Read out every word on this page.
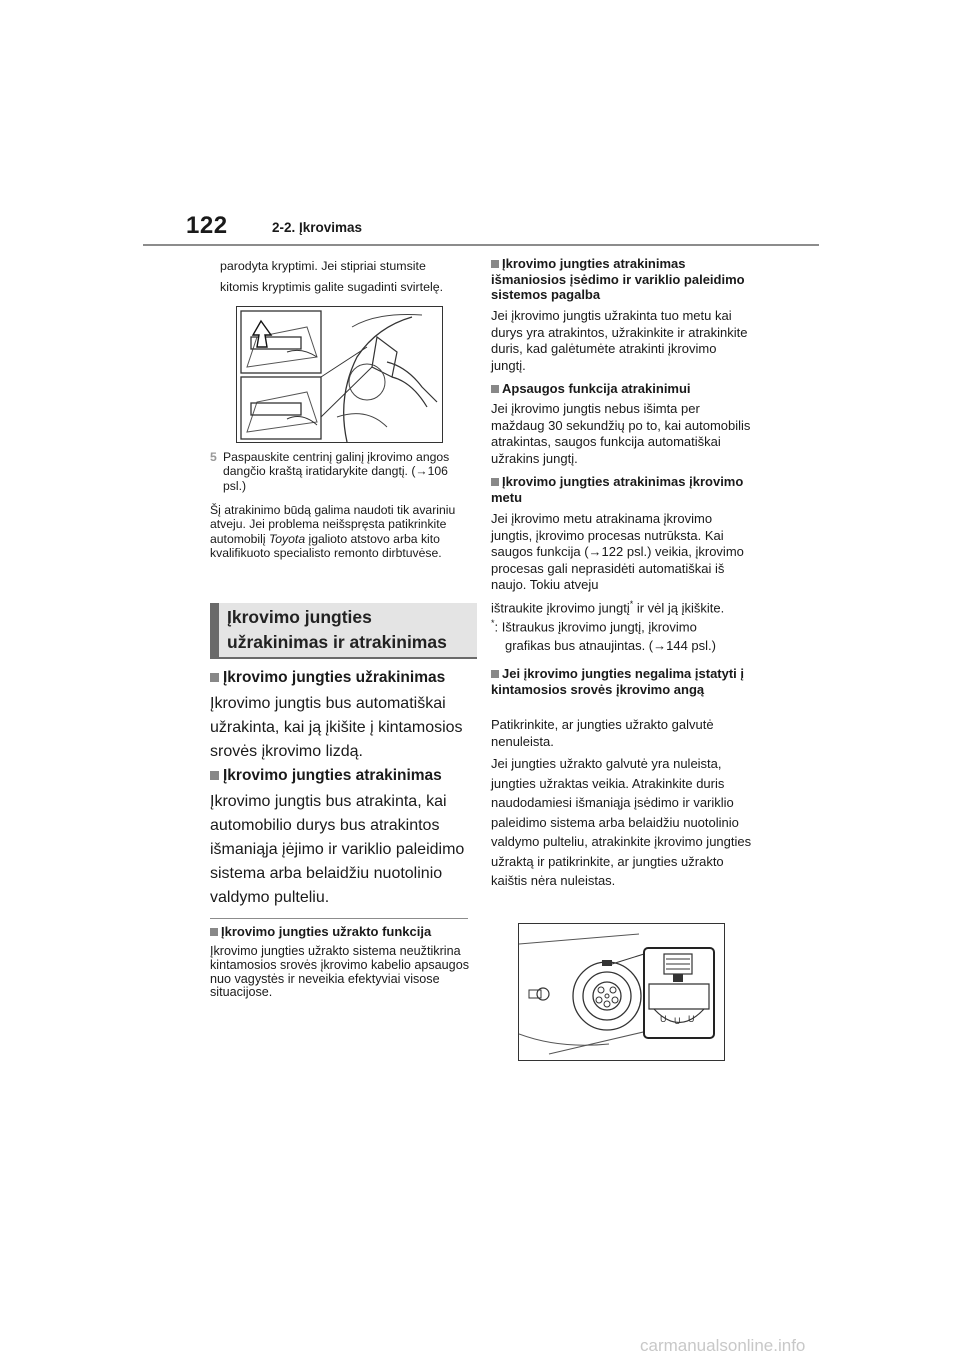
122	2-2. Įkrovimas
parodyta kryptimi. Jei stipriai stumsite
kitomis kryptimis galite sugadinti svirtelę.
5 Paspauskite centrinį galinį įkrovimo angos dangčio kraštą iratidarykite dangtį. (→106 psl.)
Šį atrakinimo būdą galima naudoti tik avariniu atveju. Jei problema neišspręsta patikrinkite automobilį Toyota įgalioto atstovo arba kito kvalifikuoto specialisto remonto dirbtuvėse.
Įkrovimo jungties užrakinimas ir atrakinimas
Įkrovimo jungties užrakinimas
Įkrovimo jungtis bus automatiškai užrakinta, kai ją įkišite į kintamosios srovės įkrovimo lizdą.
Įkrovimo jungties atrakinimas
Įkrovimo jungtis bus atrakinta, kai automobilio durys bus atrakintos išmaniąja įėjimo ir variklio paleidimo sistema arba belaidžiu nuotolinio valdymo pulteliu.
Įkrovimo jungties užrakto funkcija
Įkrovimo jungties užrakto sistema neužtikrina kintamosios srovės įkrovimo kabelio apsaugos nuo vagystės ir neveikia efektyviai visose situacijose.
Įkrovimo jungties atrakinimas išmaniosios įsėdimo ir variklio paleidimo sistemos pagalba
Jei įkrovimo jungtis užrakinta tuo metu kai durys yra atrakintos, užrakinkite ir atrakinkite duris, kad galėtumėte atrakinti įkrovimo jungtį.
Apsaugos funkcija atrakinimui
Jei įkrovimo jungtis nebus išimta per maždaug 30 sekundžių po to, kai automobilis atrakintas, saugos funkcija automatiškai užrakins jungtį.
Įkrovimo jungties atrakinimas įkrovimo metu
Jei įkrovimo metu atrakinama įkrovimo jungtis, įkrovimo procesas nutrūksta. Kai saugos funkcija (→122 psl.) veikia, įkrovimo procesas gali neprasidėti automatiškai iš naujo. Tokiu atveju
ištraukite įkrovimo jungtį* ir vėl ją įkiškite.
*: Ištraukus įkrovimo jungtį, įkrovimo
grafikas bus atnaujintas. (→144 psl.)
Jei įkrovimo jungties negalima įstatyti į kintamosios srovės įkrovimo angą
Patikrinkite, ar jungties užrakto galvutė nenuleista.
Jei jungties užrakto galvutė yra nuleista, jungties užraktas veikia. Atrakinkite duris naudodamiesi išmaniąja įsėdimo ir variklio paleidimo sistema arba belaidžiu nuotolinio valdymo pulteliu, atrakinkite įkrovimo jungties užraktą ir patikrinkite, ar jungties užrakto kaištis nėra nuleistas.
U U U
carmanualsonline.info
